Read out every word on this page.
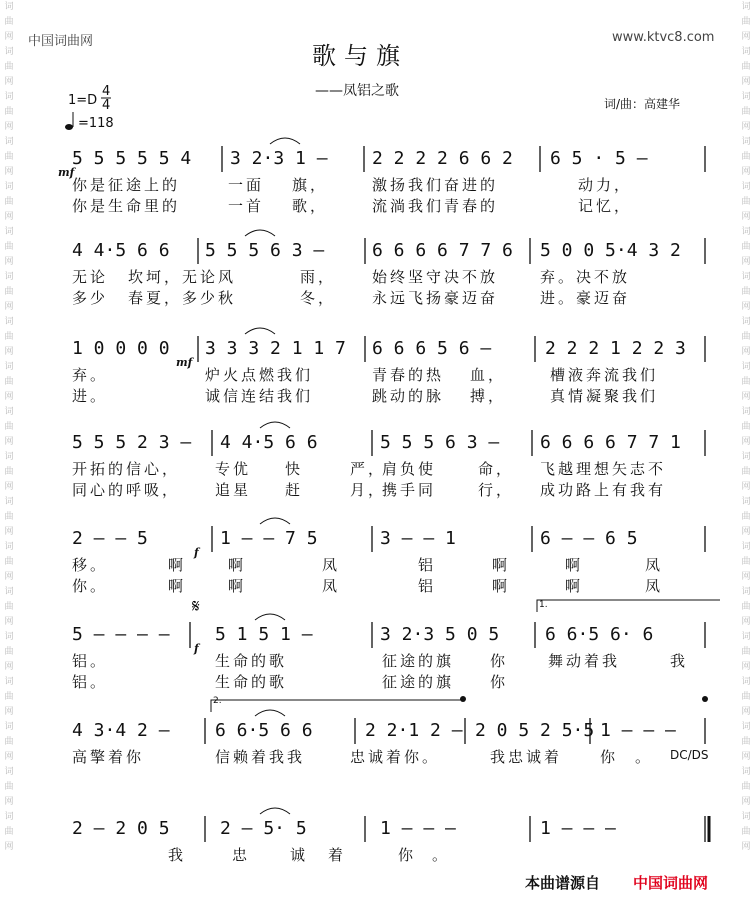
词曲网词曲网词曲网词曲网词曲网词曲网词曲网词曲网词曲网词曲网词曲网词曲网词曲网词曲网词曲网词曲网词曲网词曲网词曲网
词曲网词曲网词曲网词曲网词曲网词曲网词曲网词曲网词曲网词曲网词曲网词曲网词曲网词曲网词曲网词曲网词曲网词曲网词曲网
中国词曲网	www.ktvc8.com
歌与旗
——凤铝之歌
词/曲：高建华
1=D
4
4
=118
𝄋
5 5 5 5 5 4 3 2·3 1 – 2 2 2 2 6 6 2 6 5 · 5 –
你是征途上的	一面 旗，	激扬我们奋进的	动力，
你是生命里的	一首 歌，	流淌我们青春的	记忆，
mf
4 4·5 6 6 5 5 5 6 3 –	6 6 6 6 7 7 6 5 0 0 5·4 3 2
无论 坎坷，无论风	雨， 始终坚守决不放	弃。决不放
多少 春夏，多少秋	冬， 永远飞扬豪迈奋	进。豪迈奋
1 0 0 0 0 3 3 3 2 1 1 7 6 6 6 5 6 –	2 2 2 1 2 2 3
弃。	炉火点燃我们	青春的热 血，	槽液奔流我们
进。	诚信连结我们	跳动的脉 搏，	真情凝聚我们
mf
5 5 5 2 3 – 4 4·5 6 6	5 5 5 6 3 – 6 6 6 6 7 7 1
开拓的信心， 专优 快	严，
肩负使	命， 飞越理想矢志不
同心的呼吸， 追星 赶	月，
携手同	行， 成功路上有我有
2 – – 5	1 – – 7 5	3 – – 1	6 – – 6 5
移。	啊	啊	凤	铝	啊	啊	凤
你。	啊	啊	凤	铝	啊	啊	凤
f
5 – – – –	5 1 5 1 –	3 2·3 5 0 5	6 6·5 6· 6
铝。	生命的歌	征途的旗 你	舞动着我	我
铝。	生命的歌	征途的旗 你
f
1.
4 3·4 2 –	6 6·5 6 6	2 2·1 2 – 2 0 5 2 5·5 1 – – –
高擎着你	信赖着我我	忠诚着你。	我忠诚着	你 。
2.
2 – 2 0 5	2 – 5· 5	1 – – –	1 – – –
我	忠	诚 着	你 。
DC/DS
本曲谱源自 中国词曲网
